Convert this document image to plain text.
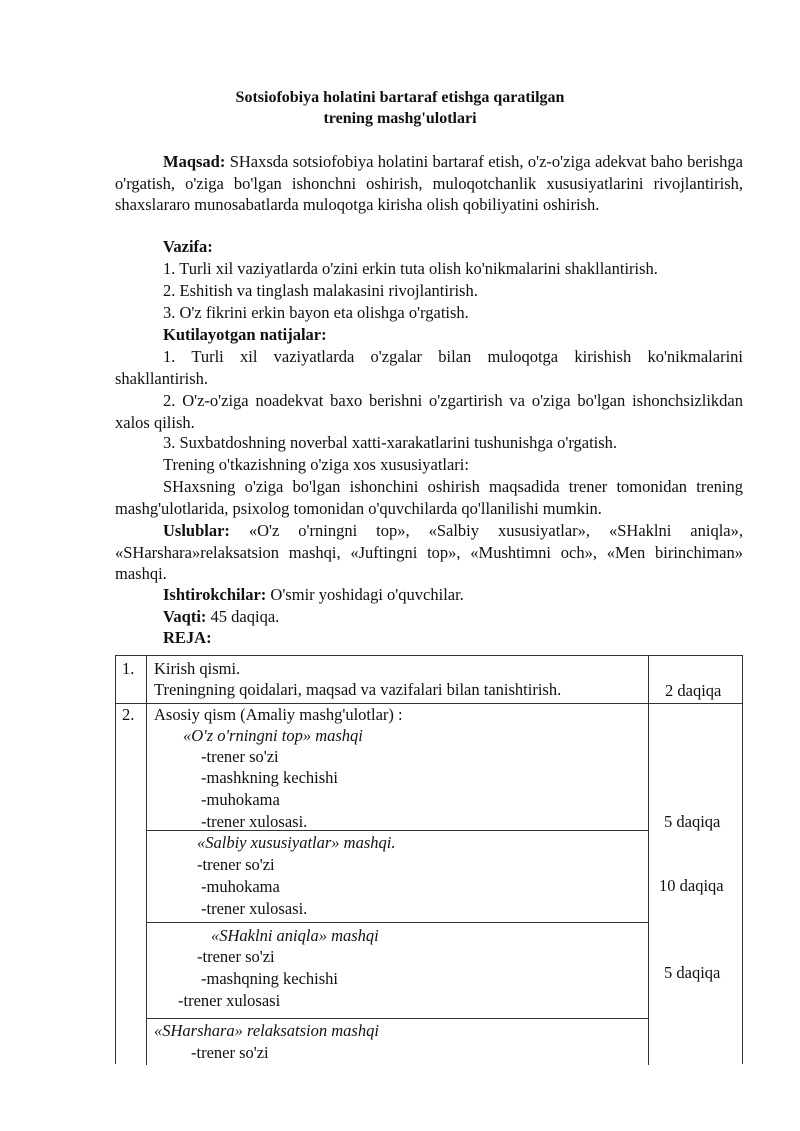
Sotsiofobiya holatini bartaraf etishga qaratilgan
trening mashg'ulotlari
Maqsad: SHaxsda sotsiofobiya holatini bartaraf etish, o'z-o'ziga adekvat baho berishga o'rgatish, o'ziga bo'lgan ishonchni oshirish, muloqotchanlik xususiyatlarini rivojlantirish, shaxslararo munosabatlarda muloqotga kirisha olish qobiliyatini oshirish.
Vazifa:
1. Turli xil vaziyatlarda o'zini erkin tuta olish ko'nikmalarini shakllantirish.
2. Eshitish va tinglash malakasini rivojlantirish.
3. O'z fikrini erkin bayon eta olishga o'rgatish.
Kutilayotgan natijalar:
1. Turli xil vaziyatlarda o'zgalar bilan muloqotga kirishish ko'nikmalarini shakllantirish.
2. O'z-o'ziga noadekvat baxo berishni o'zgartirish va o'ziga bo'lgan ishonchsizlikdan xalos qilish.
3. Suxbatdoshning noverbal xatti-xarakatlarini tushunishga o'rgatish.
Trening o'tkazishning o'ziga xos xususiyatlari:
SHaxsning o'ziga bo'lgan ishonchini oshirish maqsadida trener tomonidan trening mashg'ulotlarida, psixolog tomonidan o'quvchilarda qo'llanilishi mumkin.
Uslublar: «O'z o'rningni top», «Salbiy xususiyatlar», «SHaklni aniqla», «SHarshara»relaksatsion mashqi, «Juftingni top», «Mushtimni och», «Men birinchiman» mashqi.
Ishtirokchilar: O'smir yoshidagi o'quvchilar.
Vaqti: 45 daqiqa.
REJA:
1. Kirish qismi.
Treningning qoidalari, maqsad va vazifalari bilan tanishtirish.	2 daqiqa
2. Asosiy qism (Amaliy mashg'ulotlar) :
«O'z o'rningni top» mashqi
-trener so'zi
-mashkning kechishi
-muhokama
-trener xulosasi.
«Salbiy xususiyatlar» mashqi.
-trener so'zi
-muhokama
-trener xulosasi.
«SHaklni aniqla» mashqi
-trener so'zi
-mashqning kechishi
-trener xulosasi
«SHarshara» relaksatsion mashqi
-trener so'zi
5 daqiqa
10 daqiqa
5 daqiqa
